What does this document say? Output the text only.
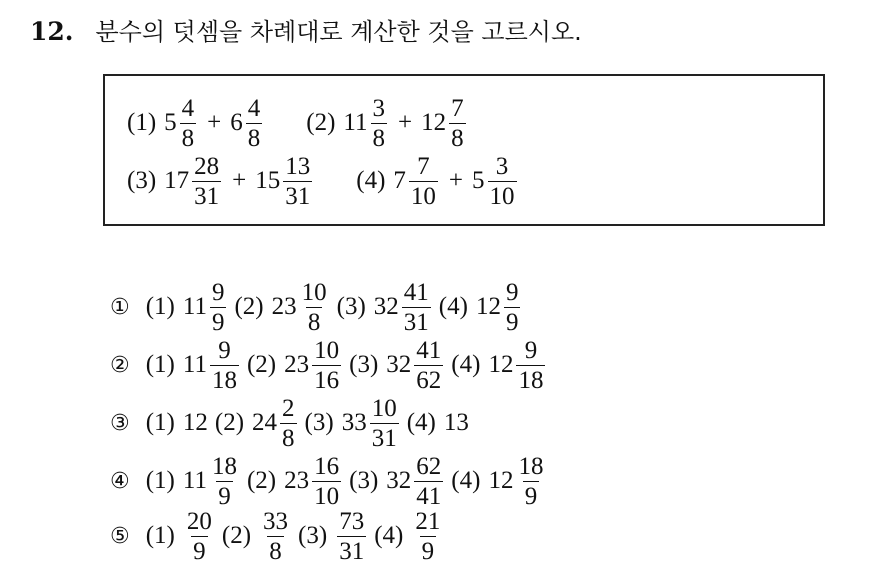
12. 분수의 덧셈을 차례대로 계산한 것을 고르시오.
(1) $5 \frac{4}{8} + 6 \frac{4}{8} (2)$ $11 \frac{3}{8} + 12 \frac{7}{8}$
(3) $17 \frac{28}{31} + 15 \frac{13}{31} (4)$ $7 \frac{7}{10} + 5 \frac{3}{10}$
① (1) $11 \frac{9}{9} (2)$ $23 \frac{10}{8} (3)$ $32 \frac{41}{31} (4)$ $12 \frac{9}{9}$
② (1) $11 \frac{9}{18} (2)$ $23 \frac{10}{16} (3)$ $32 \frac{41}{62} (4)$ $12 \frac{9}{18}$
③ (1) 12 (2) $24 \frac{2}{8} (3)$ $33 \frac{10}{31} (4)$ 13
④ (1) $11 \frac{18}{9} (2)$ $23 \frac{16}{10} (3)$ $32 \frac{62}{41} (4)$ $12 \frac{18}{9}$
⑤ $(1) \frac{20}{9} (2) \frac{33}{8} (3) \frac{73}{31} (4) \frac{21}{9}$
